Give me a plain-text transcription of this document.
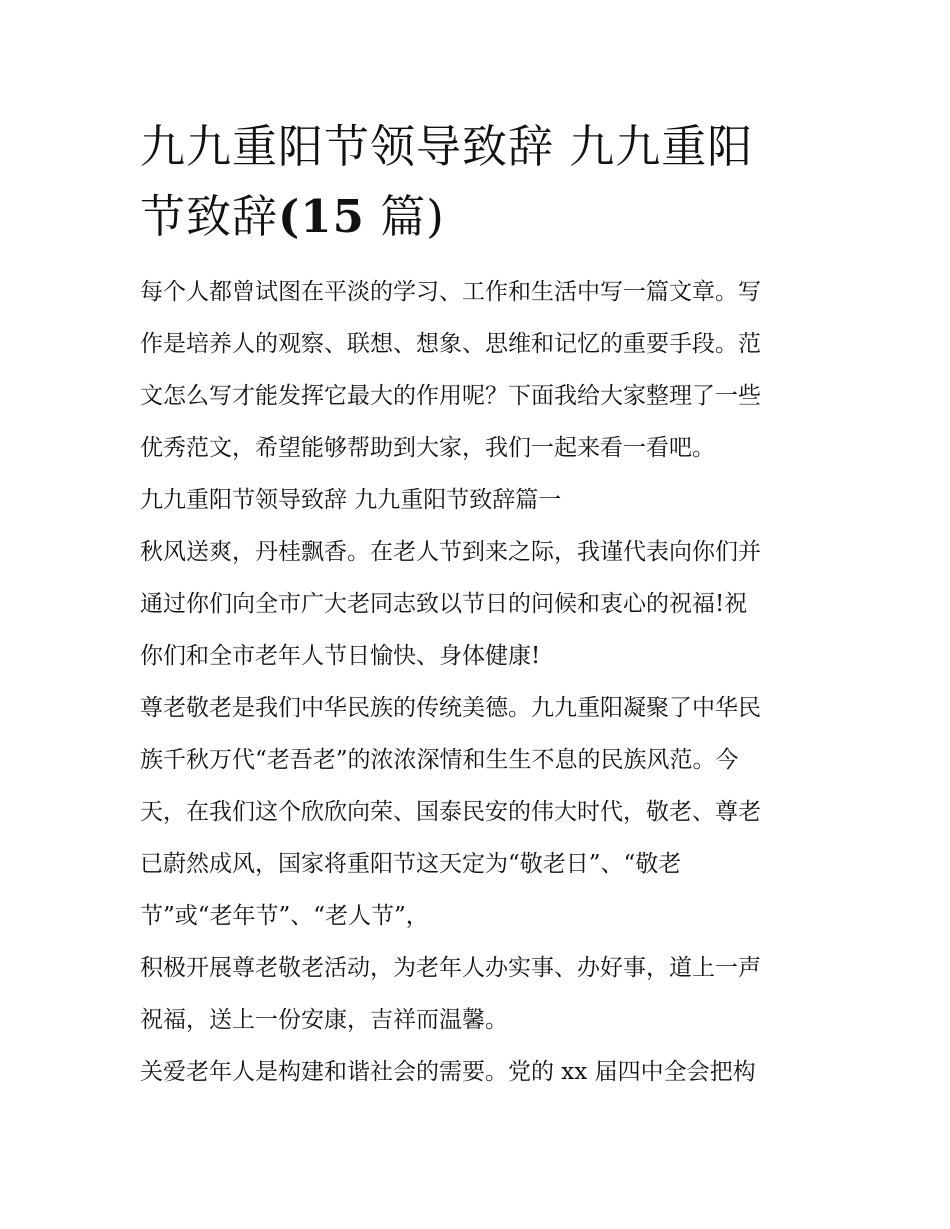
九九重阳节领导致辞 九九重阳
节致辞(15 篇)
每个人都曾试图在平淡的学习、工作和生活中写一篇文章。写
作是培养人的观察、联想、想象、思维和记忆的重要手段。范
文怎么写才能发挥它最大的作用呢？下面我给大家整理了一些
优秀范文，希望能够帮助到大家，我们一起来看一看吧。
九九重阳节领导致辞 九九重阳节致辞篇一
秋风送爽，丹桂飘香。在老人节到来之际，我谨代表向你们并
通过你们向全市广大老同志致以节日的问候和衷心的祝福!祝
你们和全市老年人节日愉快、身体健康!
尊老敬老是我们中华民族的传统美德。九九重阳凝聚了中华民
族千秋万代“老吾老”的浓浓深情和生生不息的民族风范。今
天，在我们这个欣欣向荣、国泰民安的伟大时代，敬老、尊老
已蔚然成风，国家将重阳节这天定为“敬老日”、“敬老
节”或“老年节”、“老人节”，
积极开展尊老敬老活动，为老年人办实事、办好事，道上一声
祝福，送上一份安康，吉祥而温馨。
关爱老年人是构建和谐社会的需要。党的 xx 届四中全会把构
